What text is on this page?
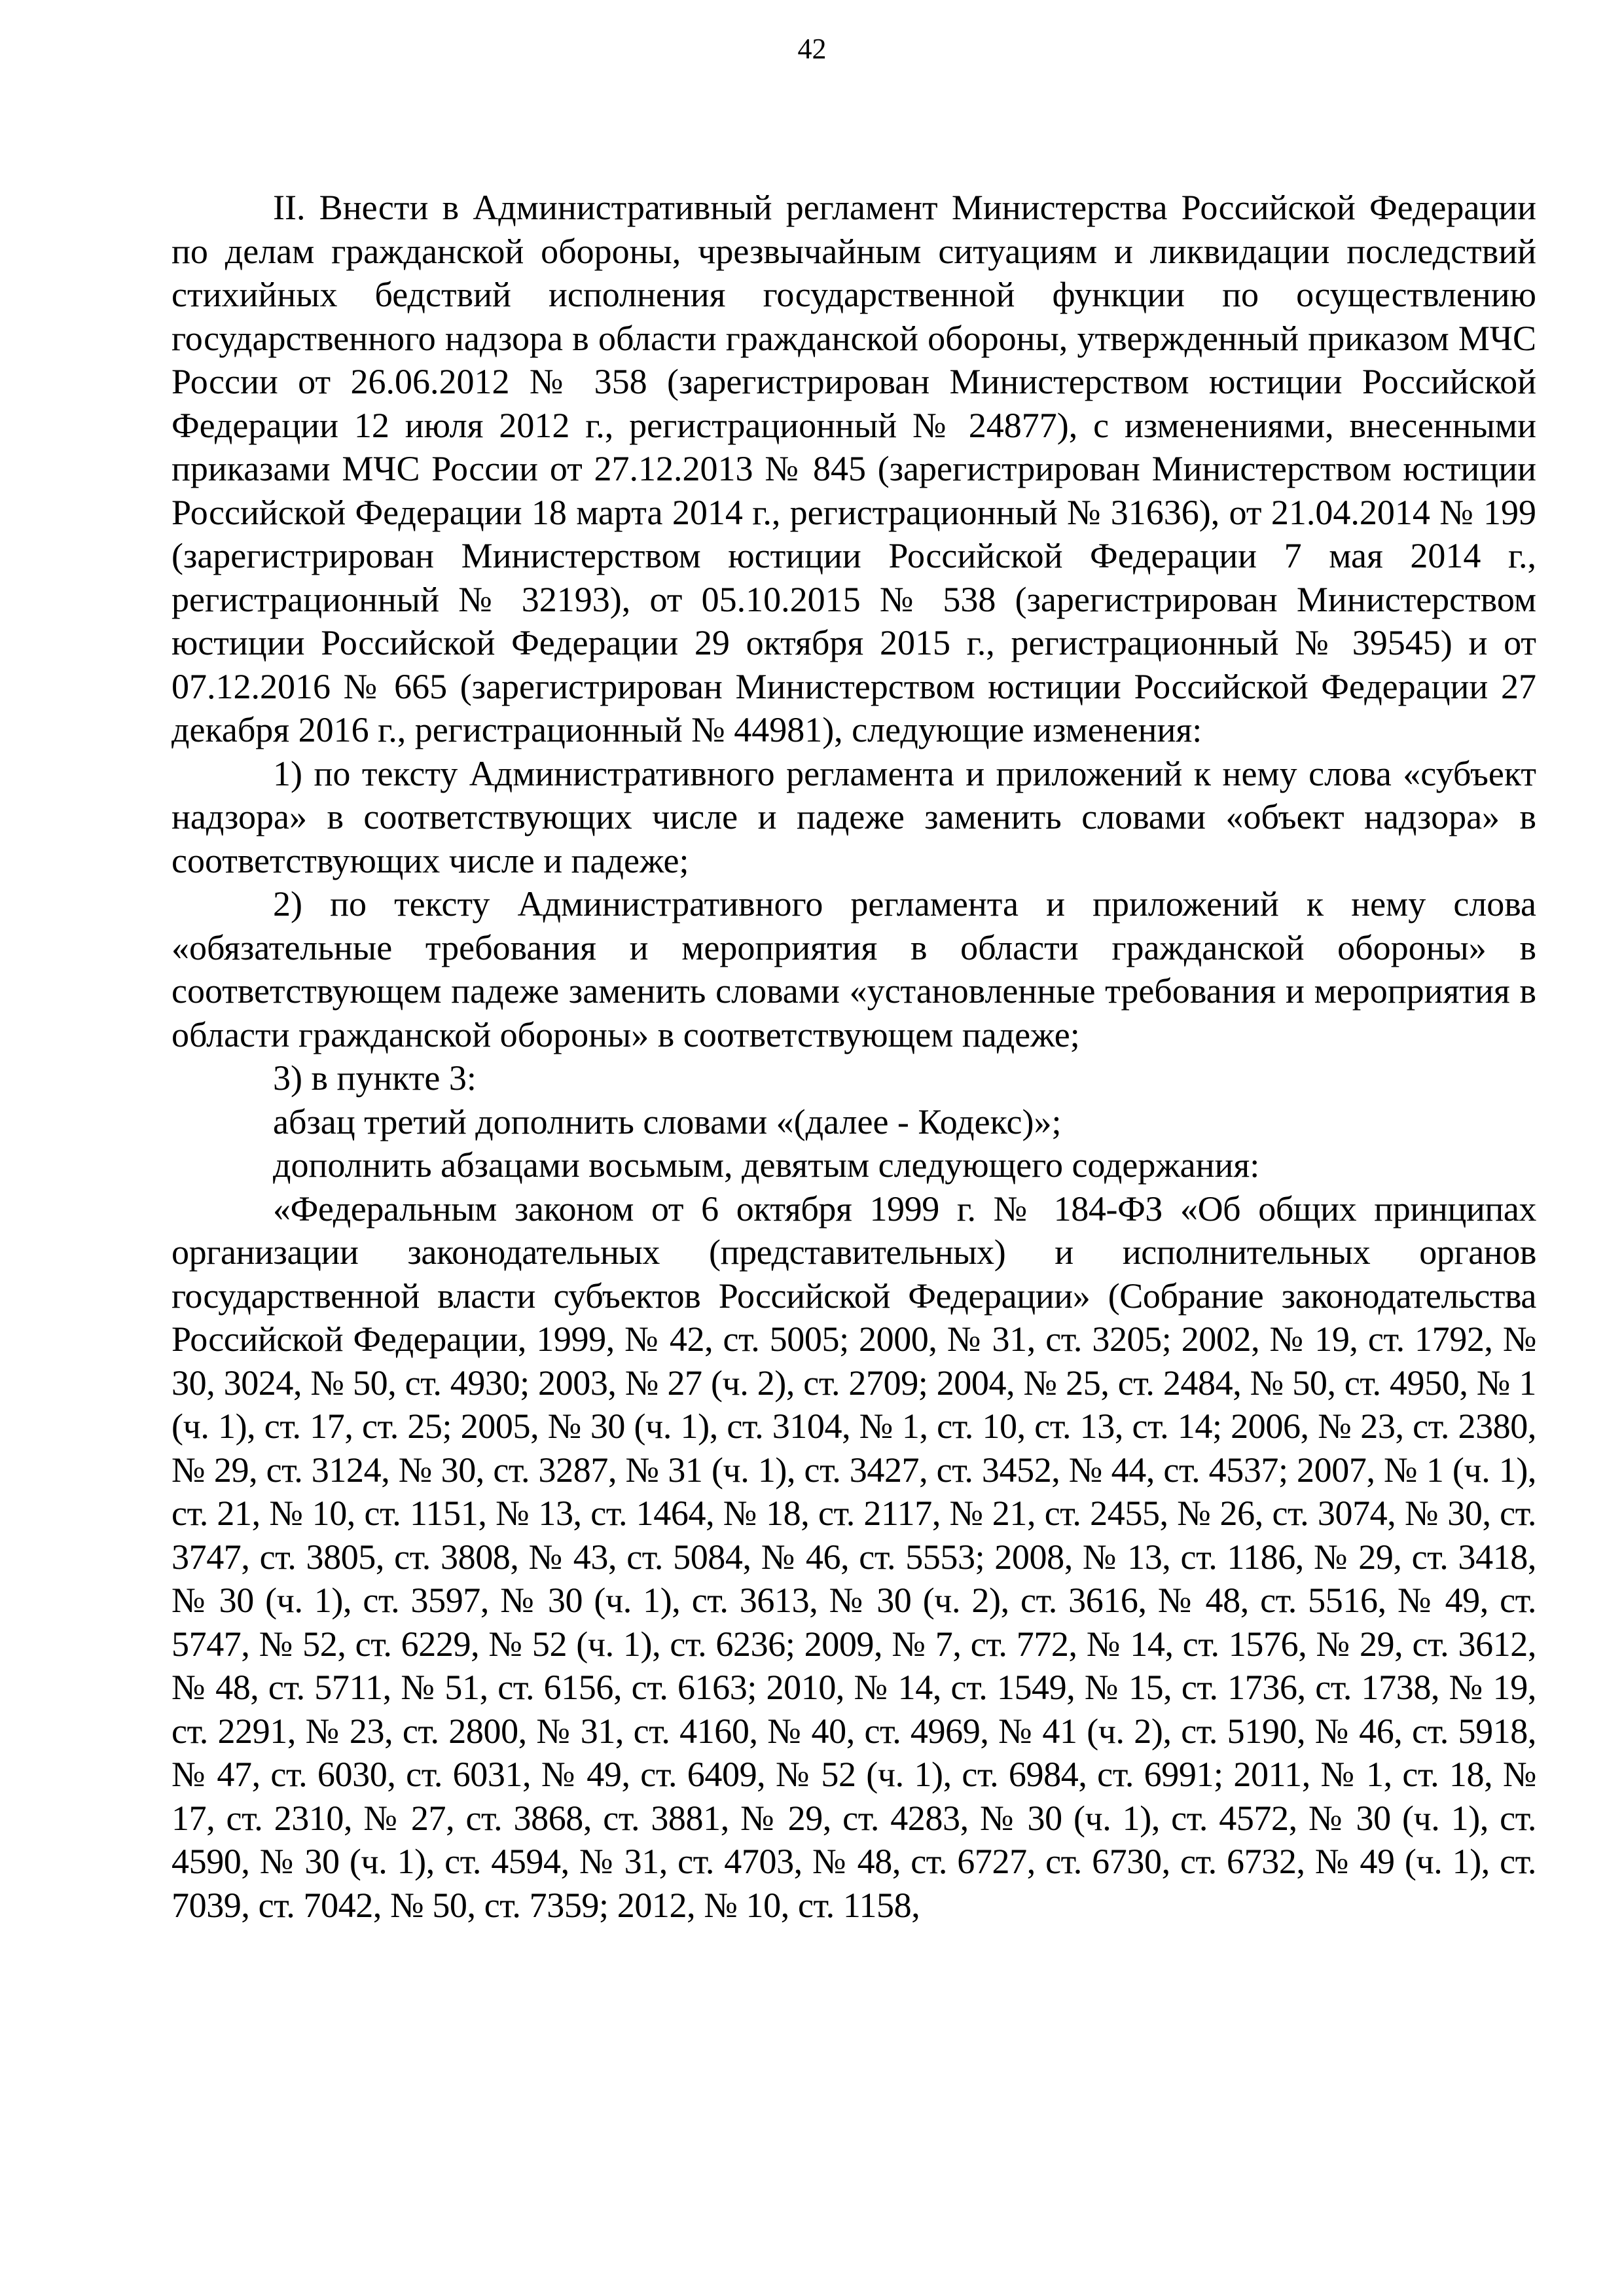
42

II. Внести в Административный регламент Министерства Российской Федерации по делам гражданской обороны, чрезвычайным ситуациям и ликвидации последствий стихийных бедствий исполнения государственной функции по осуществлению государственного надзора в области гражданской обороны, утвержденный приказом МЧС России от 26.06.2012 № 358 (зарегистрирован Министерством юстиции Российской Федерации 12 июля 2012 г., регистрационный № 24877), с изменениями, внесенными приказами МЧС России от 27.12.2013 № 845 (зарегистрирован Министерством юстиции Российской Федерации 18 марта 2014 г., регистрационный № 31636), от 21.04.2014 № 199 (зарегистрирован Министерством юстиции Российской Федерации 7 мая 2014 г., регистрационный № 32193), от 05.10.2015 № 538 (зарегистрирован Министерством юстиции Российской Федерации 29 октября 2015 г., регистрационный № 39545) и от 07.12.2016 № 665 (зарегистрирован Министерством юстиции Российской Федерации 27 декабря 2016 г., регистрационный № 44981), следующие изменения:

1) по тексту Административного регламента и приложений к нему слова «субъект надзора» в соответствующих числе и падеже заменить словами «объект надзора» в соответствующих числе и падеже;

2) по тексту Административного регламента и приложений к нему слова «обязательные требования и мероприятия в области гражданской обороны» в соответствующем падеже заменить словами «установленные требования и мероприятия в области гражданской обороны» в соответствующем падеже;

3) в пункте 3:

абзац третий дополнить словами «(далее - Кодекс)»;

дополнить абзацами восьмым, девятым следующего содержания:

«Федеральным законом от 6 октября 1999 г. № 184-ФЗ «Об общих принципах организации законодательных (представительных) и исполнительных органов государственной власти субъектов Российской Федерации» (Собрание законодательства Российской Федерации, 1999, № 42, ст. 5005; 2000, № 31, ст. 3205; 2002, № 19, ст. 1792, № 30, 3024, № 50, ст. 4930; 2003, № 27 (ч. 2), ст. 2709; 2004, № 25, ст. 2484, № 50, ст. 4950, № 1 (ч. 1), ст. 17, ст. 25; 2005, № 30 (ч. 1), ст. 3104, № 1, ст. 10, ст. 13, ст. 14; 2006, № 23, ст. 2380, № 29, ст. 3124, № 30, ст. 3287, № 31 (ч. 1), ст. 3427, ст. 3452, № 44, ст. 4537; 2007, № 1 (ч. 1), ст. 21, № 10, ст. 1151, № 13, ст. 1464, № 18, ст. 2117, № 21, ст. 2455, № 26, ст. 3074, № 30, ст. 3747, ст. 3805, ст. 3808, № 43, ст. 5084, № 46, ст. 5553; 2008, № 13, ст. 1186, № 29, ст. 3418, № 30 (ч. 1), ст. 3597, № 30 (ч. 1), ст. 3613, № 30 (ч. 2), ст. 3616, № 48, ст. 5516, № 49, ст. 5747, № 52, ст. 6229, № 52 (ч. 1), ст. 6236; 2009, № 7, ст. 772, № 14, ст. 1576, № 29, ст. 3612, № 48, ст. 5711, № 51, ст. 6156, ст. 6163; 2010, № 14, ст. 1549, № 15, ст. 1736, ст. 1738, № 19, ст. 2291, № 23, ст. 2800, № 31, ст. 4160, № 40, ст. 4969, № 41 (ч. 2), ст. 5190, № 46, ст. 5918, № 47, ст. 6030, ст. 6031, № 49, ст. 6409, № 52 (ч. 1), ст. 6984, ст. 6991; 2011, № 1, ст. 18, № 17, ст. 2310, № 27, ст. 3868, ст. 3881, № 29, ст. 4283, № 30 (ч. 1), ст. 4572, № 30 (ч. 1), ст. 4590, № 30 (ч. 1), ст. 4594, № 31, ст. 4703, № 48, ст. 6727, ст. 6730, ст. 6732, № 49 (ч. 1), ст. 7039, ст. 7042, № 50, ст. 7359; 2012, № 10, ст. 1158,
